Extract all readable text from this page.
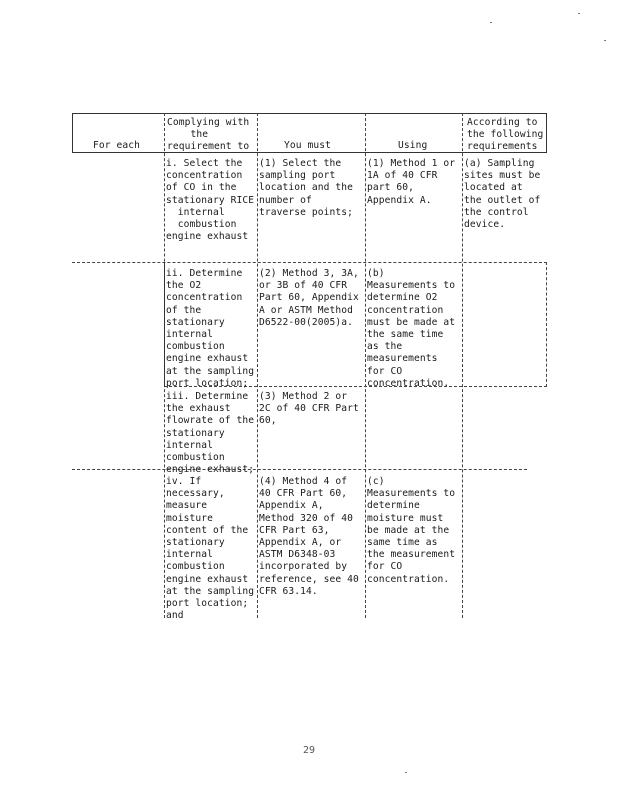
For each
Complying with
the
requirement to	You must	Using
According to
the following
requirements
i. Select the
concentration
of CO in the
stationary RICE
internal
combustion
engine exhaust
(1) Select the
sampling port
location and the
number of
traverse points;
(1) Method 1 or
1A of 40 CFR
part 60,
Appendix A.
(a) Sampling
sites must be
located at
the outlet of
the control
device.
ii. Determine
the O2
concentration
of the
stationary
internal
combustion
engine exhaust
at the sampling
port location;
(2) Method 3, 3A,
or 3B of 40 CFR
Part 60, Appendix
A or ASTM Method
D6522-00(2005)a.
(b)
Measurements to
determine O2
concentration
must be made at
the same time
as the
measurements
for CO
concentration.
iii. Determine
the exhaust
flowrate of the
stationary
internal
combustion
engine exhaust;
(3) Method 2 or
2C of 40 CFR Part
60,
iv. If
necessary,
measure
moisture
content of the
stationary
internal
combustion
engine exhaust
at the sampling
port location;
and
(4) Method 4 of
40 CFR Part 60,
Appendix A,
Method 320 of 40
CFR Part 63,
Appendix A, or
ASTM D6348-03
incorporated by
reference, see 40
CFR 63.14.
(c)
Measurements to
determine
moisture must
be made at the
same time as
the measurement
for CO
concentration.
29
